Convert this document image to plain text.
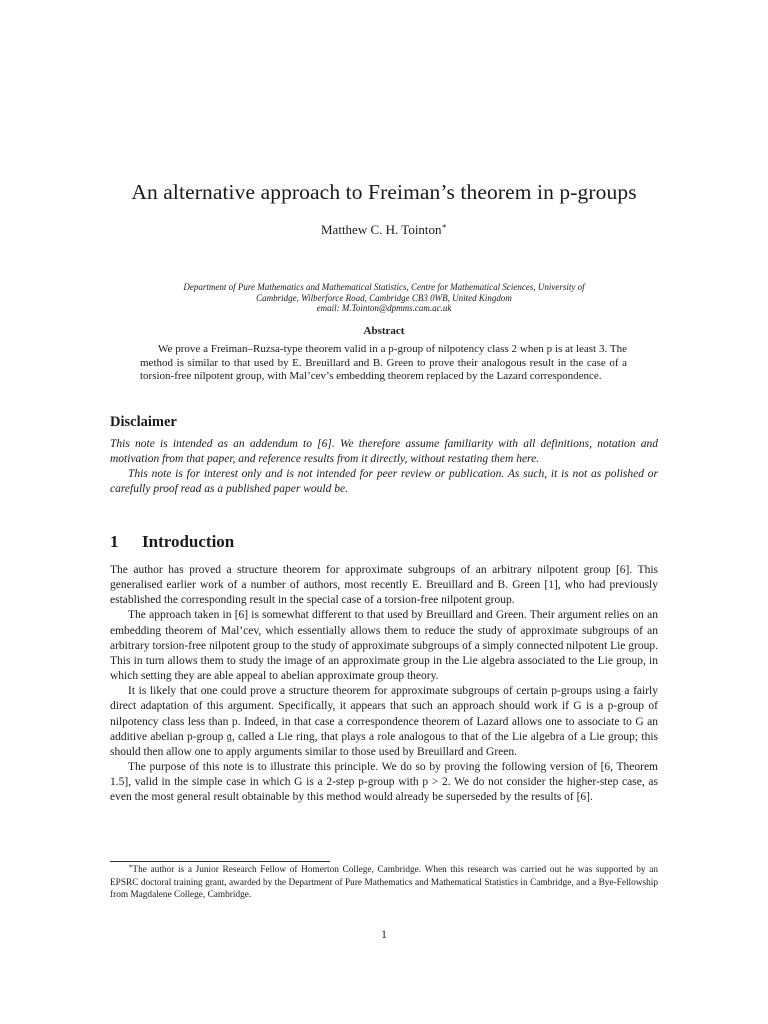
An alternative approach to Freiman’s theorem in p-groups
Matthew C. H. Tointon∗
Department of Pure Mathematics and Mathematical Statistics, Centre for Mathematical Sciences, University of
Cambridge, Wilberforce Road, Cambridge CB3 0WB, United Kingdom
email: M.Tointon@dpmms.cam.ac.uk
Abstract
We prove a Freiman–Ruzsa-type theorem valid in a p-group of nilpotency class 2 when p is at least 3. The method is similar to that used by E. Breuillard and B. Green to prove their analogous result in the case of a torsion-free nilpotent group, with Mal’cev’s embedding theorem replaced by the Lazard correspondence.
Disclaimer

This note is intended as an addendum to [6]. We therefore assume familiarity with all definitions, notation and motivation from that paper, and reference results from it directly, without restating them here.

This note is for interest only and is not intended for peer review or publication. As such, it is not as polished or carefully proof read as a published paper would be.

1 Introduction

The author has proved a structure theorem for approximate subgroups of an arbitrary nilpotent group [6]. This generalised earlier work of a number of authors, most recently E. Breuillard and B. Green [1], who had previously established the corresponding result in the special case of a torsion-free nilpotent group.

The approach taken in [6] is somewhat different to that used by Breuillard and Green. Their argument relies on an embedding theorem of Mal’cev, which essentially allows them to reduce the study of approximate subgroups of an arbitrary torsion-free nilpotent group to the study of approximate subgroups of a simply connected nilpotent Lie group. This in turn allows them to study the image of an approximate group in the Lie algebra associated to the Lie group, in which setting they are able appeal to abelian approximate group theory.

It is likely that one could prove a structure theorem for approximate subgroups of certain p-groups using a fairly direct adaptation of this argument. Specifically, it appears that such an approach should work if G is a p-group of nilpotency class less than p. Indeed, in that case a correspondence theorem of Lazard allows one to associate to G an additive abelian p-group 𝔤, called a Lie ring, that plays a role analogous to that of the Lie algebra of a Lie group; this should then allow one to apply arguments similar to those used by Breuillard and Green.

The purpose of this note is to illustrate this principle. We do so by proving the following version of [6, Theorem 1.5], valid in the simple case in which G is a 2-step p-group with p > 2. We do not consider the higher-step case, as even the most general result obtainable by this method would already be superseded by the results of [6].

∗The author is a Junior Research Fellow of Homerton College, Cambridge. When this research was carried out he was supported by an EPSRC doctoral training grant, awarded by the Department of Pure Mathematics and Mathematical Statistics in Cambridge, and a Bye-Fellowship from Magdalene College, Cambridge.
1
